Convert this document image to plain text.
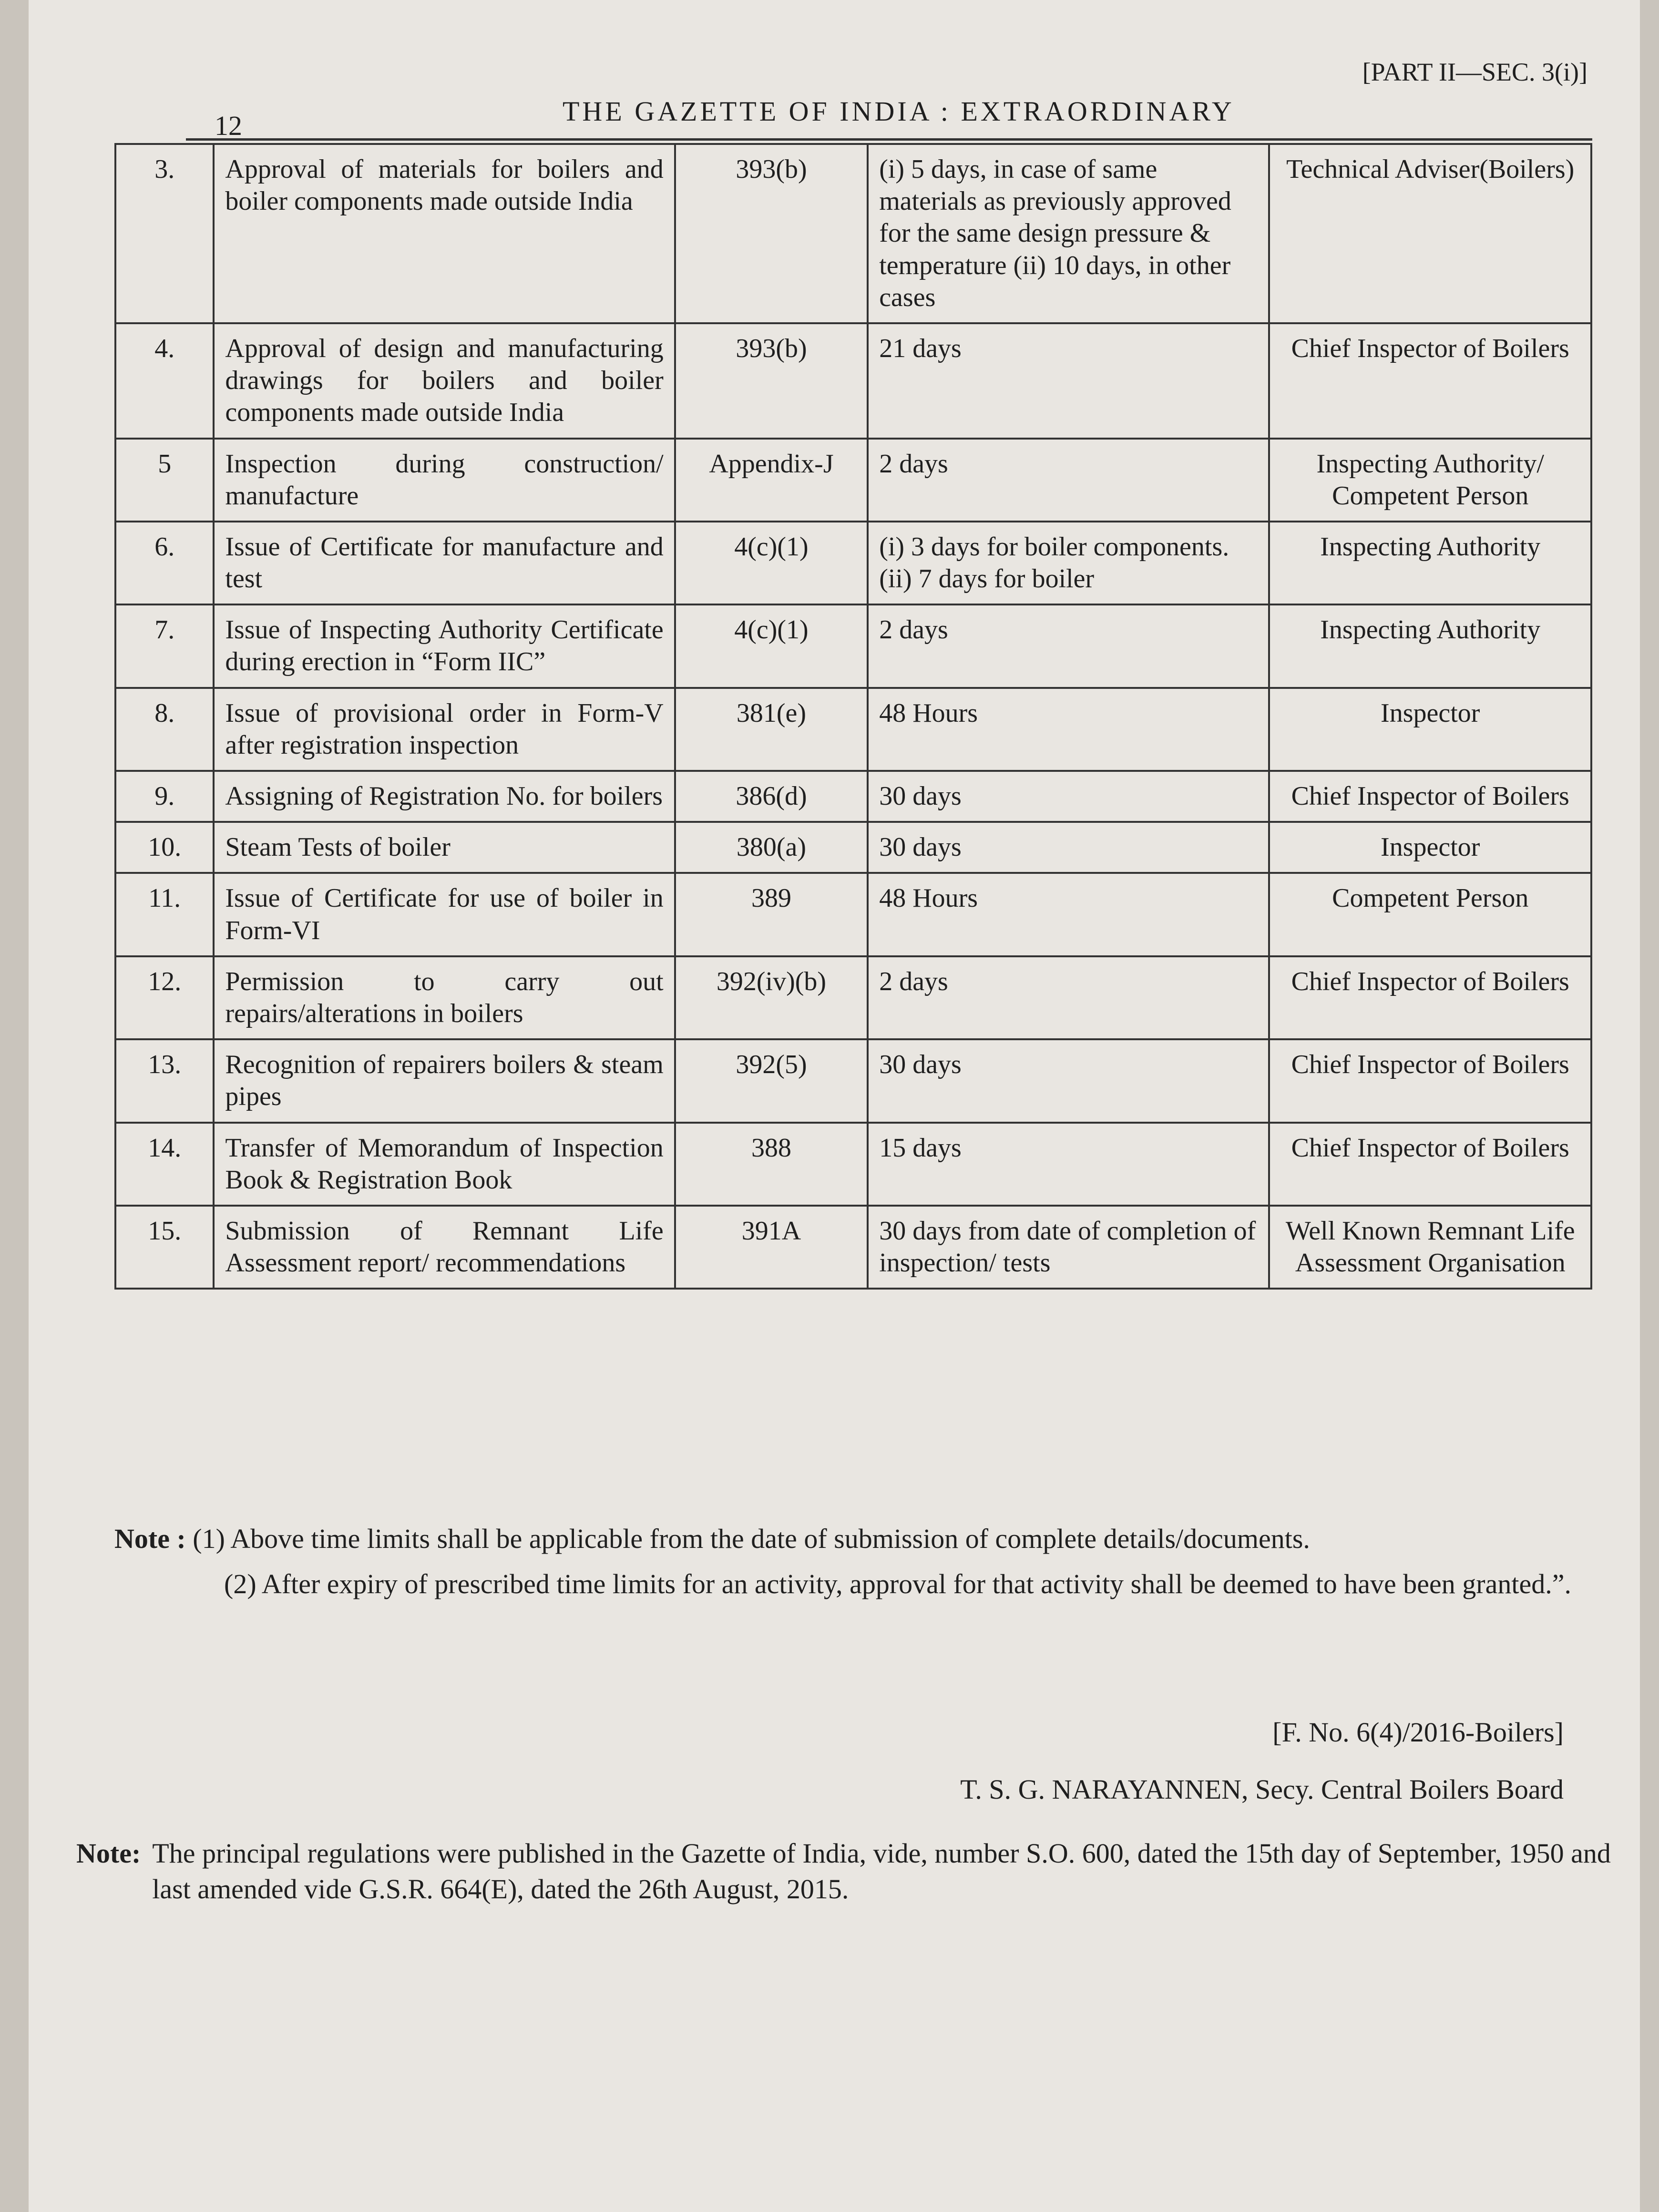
12	THE GAZETTE OF INDIA : EXTRAORDINARY
[PART II—SEC. 3(i)]
3.	Approval of materials for boilers and boiler components made outside India	393(b)	(i) 5 days, in case of same materials as previously approved for the same design pressure & temperature (ii) 10 days, in other cases	Technical Adviser(Boilers)
4.	Approval of design and manufacturing drawings for boilers and boiler components made outside India	393(b)	21 days	Chief Inspector of Boilers
5	Inspection during construction/ manufacture	Appendix-J	2 days	Inspecting Authority/ Competent Person
6.	Issue of Certificate for manufacture and test	4(c)(1)	(i) 3 days for boiler components. (ii) 7 days for boiler	Inspecting Authority
7.	Issue of Inspecting Authority Certificate during erection in “Form IIC”	4(c)(1)	2 days	Inspecting Authority
8.	Issue of provisional order in Form-V after registration inspection	381(e)	48 Hours	Inspector
9.	Assigning of Registration No. for boilers	386(d)	30 days	Chief Inspector of Boilers
10.	Steam Tests of boiler	380(a)	30 days	Inspector
11.	Issue of Certificate for use of boiler in Form-VI	389	48 Hours	Competent Person
12.	Permission to carry out repairs/alterations in boilers	392(iv)(b)	2 days	Chief Inspector of Boilers
13.	Recognition of repairers boilers & steam pipes	392(5)	30 days	Chief Inspector of Boilers
14.	Transfer of Memorandum of Inspection Book & Registration Book	388	15 days	Chief Inspector of Boilers
15.	Submission of Remnant Life Assessment report/ recommendations	391A	30 days from date of completion of inspection/ tests	Well Known Remnant Life Assessment Organisation

Note : (1) Above time limits shall be applicable from the date of submission of complete details/documents.

(2) After expiry of prescribed time limits for an activity, approval for that activity shall be deemed to have been granted.”.

[F. No. 6(4)/2016-Boilers]
T. S. G. NARAYANNEN, Secy. Central Boilers Board
Note: The principal regulations were published in the Gazette of India, vide, number S.O. 600, dated the 15th day of September, 1950 and last amended vide G.S.R. 664(E), dated the 26th August, 2015.
